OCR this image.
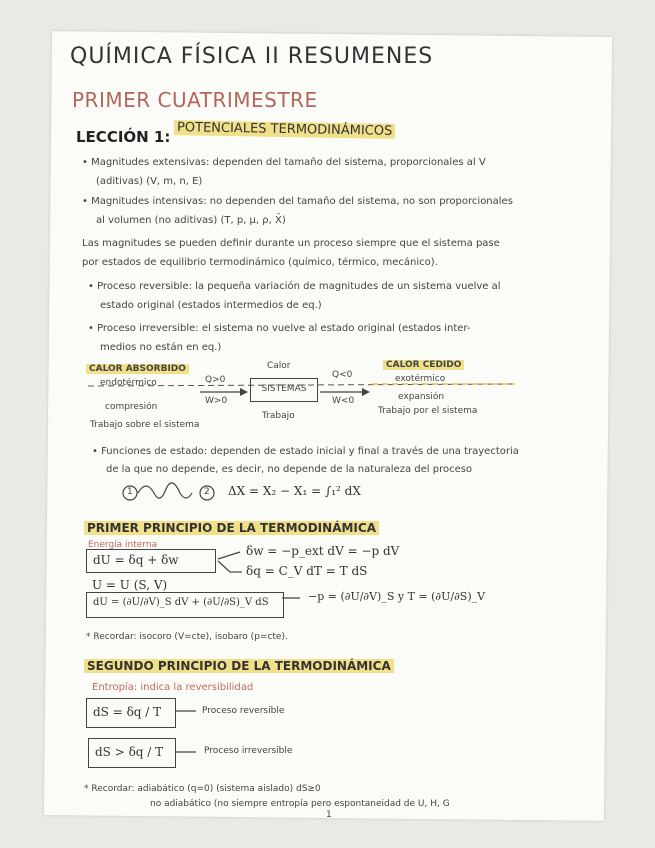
QUÍMICA FÍSICA II RESUMENES
PRIMER CUATRIMESTRE
LECCIÓN 1: POTENCIALES TERMODINÁMICOS
• Magnitudes extensivas: dependen del tamaño del sistema, proporcionales al V
(aditivas) (V, m, n, E)
• Magnitudes intensivas: no dependen del tamaño del sistema, no son proporcionales
al volumen (no aditivas) (T, p, μ, ρ, X̄)
Las magnitudes se pueden definir durante un proceso siempre que el sistema pase
por estados de equilibrio termodinámico (químico, térmico, mecánico).
• Proceso reversible: la pequeña variación de magnitudes de un sistema vuelve al
estado original (estados intermedios de eq.)
• Proceso irreversible: el sistema no vuelve al estado original (estados inter-
medios no están en eq.)
CALOR ABSORBIDO
endotérmico
compresión
Trabajo sobre el sistema
Q>0
W>0
Calor
SISTEMAS
Trabajo
Q<0
W<0
CALOR CEDIDO
exotérmico
expansión
Trabajo por el sistema
• Funciones de estado: dependen de estado inicial y final a través de una trayectoria
de la que no depende, es decir, no depende de la naturaleza del proceso
1	2 ΔX = X₂ − X₁ = ∫₁² dX
PRIMER PRINCIPIO DE LA TERMODINÁMICA
Energía interna
dU = δq + δw
δw = −p_ext dV = −p dV
δq = C_V dT = T dS
U = U (S, V)
dU = (∂U/∂V)_S dV + (∂U/∂S)_V dS	−p = (∂U/∂V)_S y T = (∂U/∂S)_V
* Recordar: isocoro (V=cte), isobaro (p=cte).
SEGUNDO PRINCIPIO DE LA TERMODINÁMICA
Entropía: indica la reversibilidad
dS = δq / T	Proceso reversible
dS > δq / T	Proceso irreversible
* Recordar: adiabático (q=0) (sistema aislado) dS≥0
no adiabático (no siempre entropía pero espontaneidad de U, H, G
1
